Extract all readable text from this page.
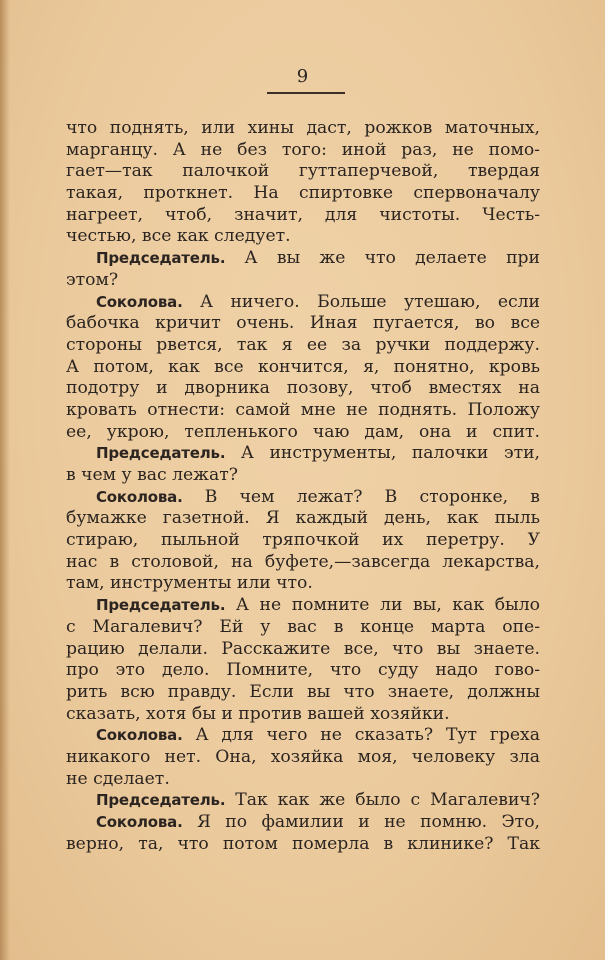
9
что поднять, или хины даст, рожков маточных,
марганцу. А не без того: иной раз, не помо-
гает—так палочкой гуттаперчевой, твердая
такая, проткнет. На спиртовке спервоначалу
нагреет, чтоб, значит, для чистоты. Честь-
честью, все как следует.
Председатель. А вы же что делаете при
этом?
Соколова. А ничего. Больше утешаю, если
бабочка кричит очень. Иная пугается, во все
стороны рвется, так я ее за ручки поддержу.
А потом, как все кончится, я, понятно, кровь
подотру и дворника позову, чтоб вместях на
кровать отнести: самой мне не поднять. Положу
ее, укрою, тепленького чаю дам, она и спит.
Председатель. А инструменты, палочки эти,
в чем у вас лежат?
Соколова. В чем лежат? В сторонке, в
бумажке газетной. Я каждый день, как пыль
стираю, пыльной тряпочкой их перетру. У
нас в столовой, на буфете,—завсегда лекарства,
там, инструменты или что.
Председатель. А не помните ли вы, как было
с Магалевич? Ей у вас в конце марта опе-
рацию делали. Расскажите все, что вы знаете.
про это дело. Помните, что суду надо гово-
рить всю правду. Если вы что знаете, должны
сказать, хотя бы и против вашей хозяйки.
Соколова. А для чего не сказать? Тут греха
никакого нет. Она, хозяйка моя, человеку зла
не сделает.
Председатель. Так как же было с Магалевич?
Соколова. Я по фамилии и не помню. Это,
верно, та, что потом померла в клинике? Так
